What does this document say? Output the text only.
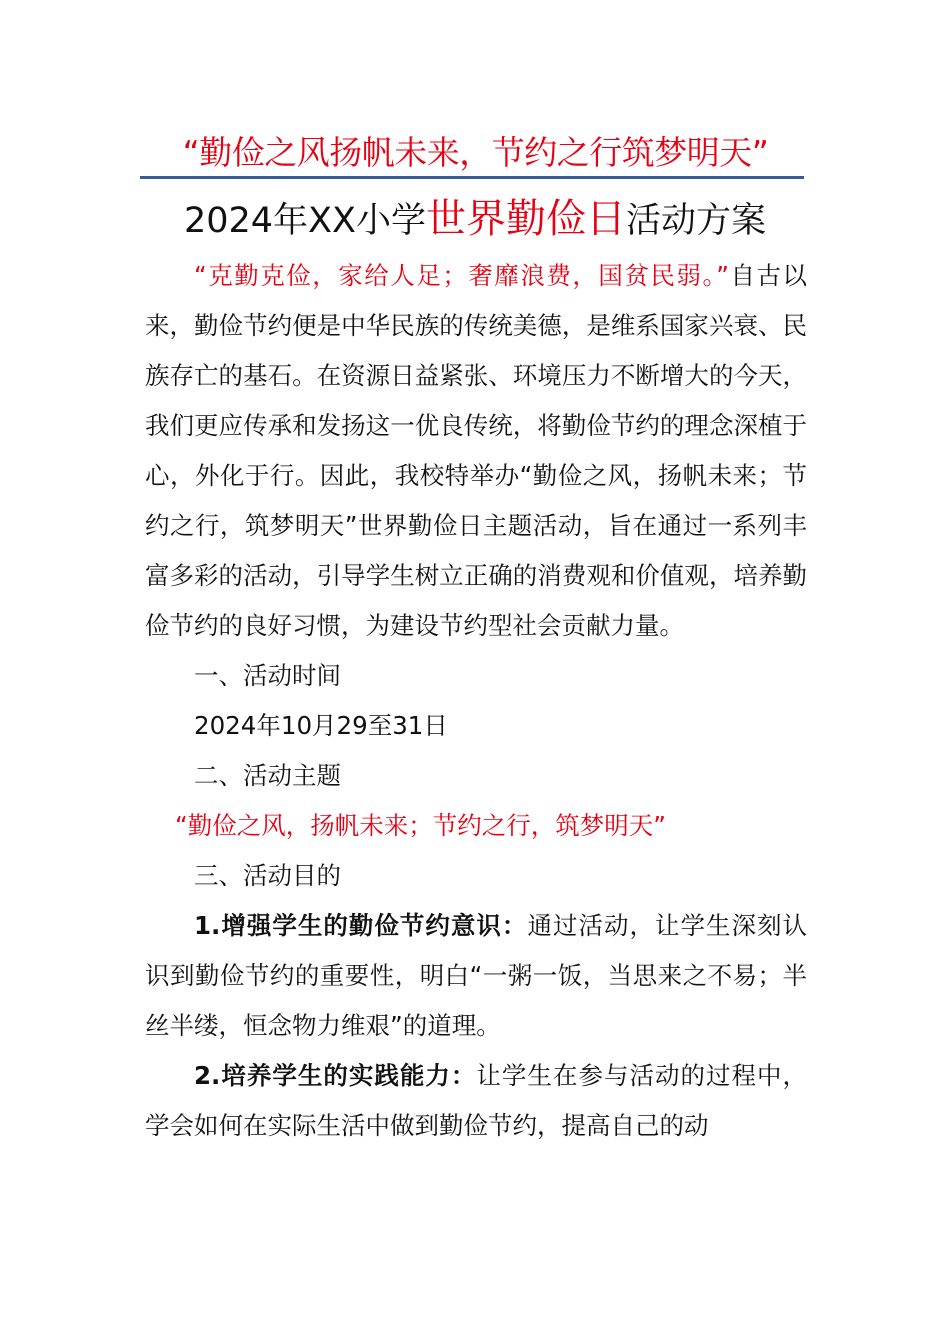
“勤俭之风扬帆未来，节约之行筑梦明天”
2024年XX小学世界勤俭日活动方案

“克勤克俭，家给人足；奢靡浪费，国贫民弱。”自古以来，勤俭节约便是中华民族的传统美德，是维系国家兴衰、民族存亡的基石。在资源日益紧张、环境压力不断增大的今天，我们更应传承和发扬这一优良传统，将勤俭节约的理念深植于心，外化于行。因此，我校特举办“勤俭之风，扬帆未来；节约之行，筑梦明天”世界勤俭日主题活动，旨在通过一系列丰富多彩的活动，引导学生树立正确的消费观和价值观，培养勤俭节约的良好习惯，为建设节约型社会贡献力量。

一、活动时间

2024年10月29至31日

二、活动主题

“勤俭之风，扬帆未来；节约之行，筑梦明天”

三、活动目的

1.增强学生的勤俭节约意识：通过活动，让学生深刻认识到勤俭节约的重要性，明白“一粥一饭，当思来之不易；半丝半缕，恒念物力维艰”的道理。

2.培养学生的实践能力：让学生在参与活动的过程中，学会如何在实际生活中做到勤俭节约，提高自己的动
